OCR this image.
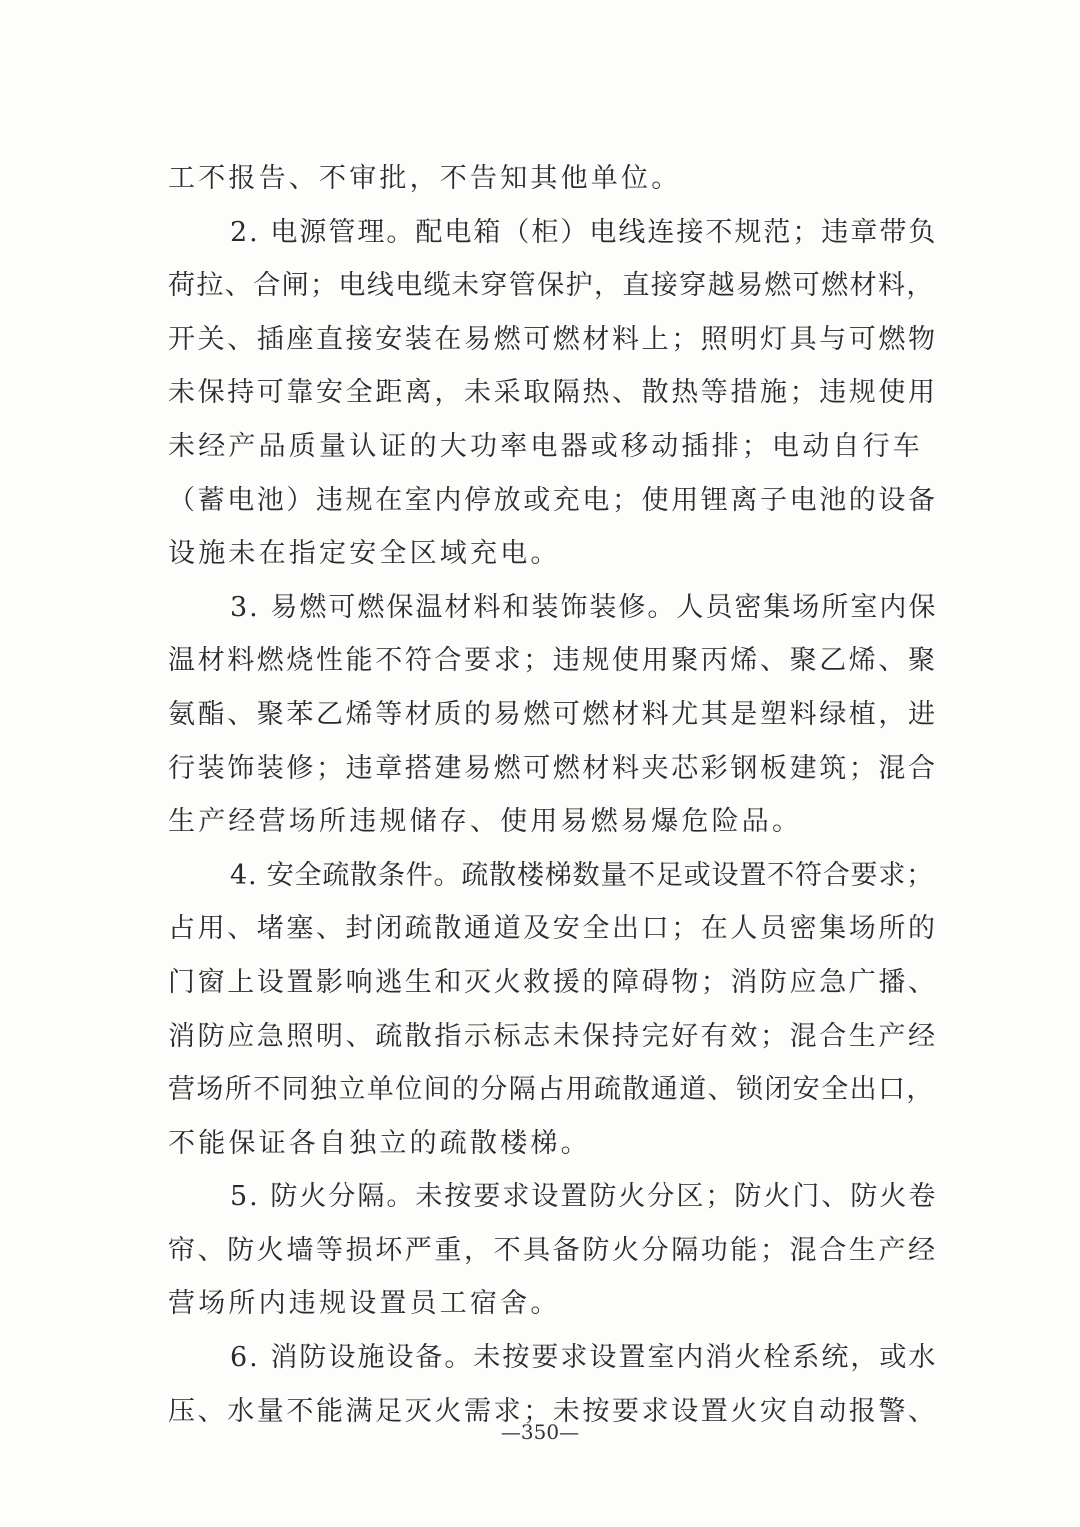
工不报告、不审批，不告知其他单位。
2. 电源管理。配电箱（柜）电线连接不规范；违章带负
荷拉、合闸；电线电缆未穿管保护，直接穿越易燃可燃材料，
开关、插座直接安装在易燃可燃材料上；照明灯具与可燃物
未保持可靠安全距离，未采取隔热、散热等措施；违规使用
未经产品质量认证的大功率电器或移动插排；电动自行车
（蓄电池）违规在室内停放或充电；使用锂离子电池的设备
设施未在指定安全区域充电。
3. 易燃可燃保温材料和装饰装修。人员密集场所室内保
温材料燃烧性能不符合要求；违规使用聚丙烯、聚乙烯、聚
氨酯、聚苯乙烯等材质的易燃可燃材料尤其是塑料绿植，进
行装饰装修；违章搭建易燃可燃材料夹芯彩钢板建筑；混合
生产经营场所违规储存、使用易燃易爆危险品。
4. 安全疏散条件。疏散楼梯数量不足或设置不符合要求；
占用、堵塞、封闭疏散通道及安全出口；在人员密集场所的
门窗上设置影响逃生和灭火救援的障碍物；消防应急广播、
消防应急照明、疏散指示标志未保持完好有效；混合生产经
营场所不同独立单位间的分隔占用疏散通道、锁闭安全出口，
不能保证各自独立的疏散楼梯。
5. 防火分隔。未按要求设置防火分区；防火门、防火卷
帘、防火墙等损坏严重，不具备防火分隔功能；混合生产经
营场所内违规设置员工宿舍。
6. 消防设施设备。未按要求设置室内消火栓系统，或水
压、水量不能满足灭火需求；未按要求设置火灾自动报警、
—350—
